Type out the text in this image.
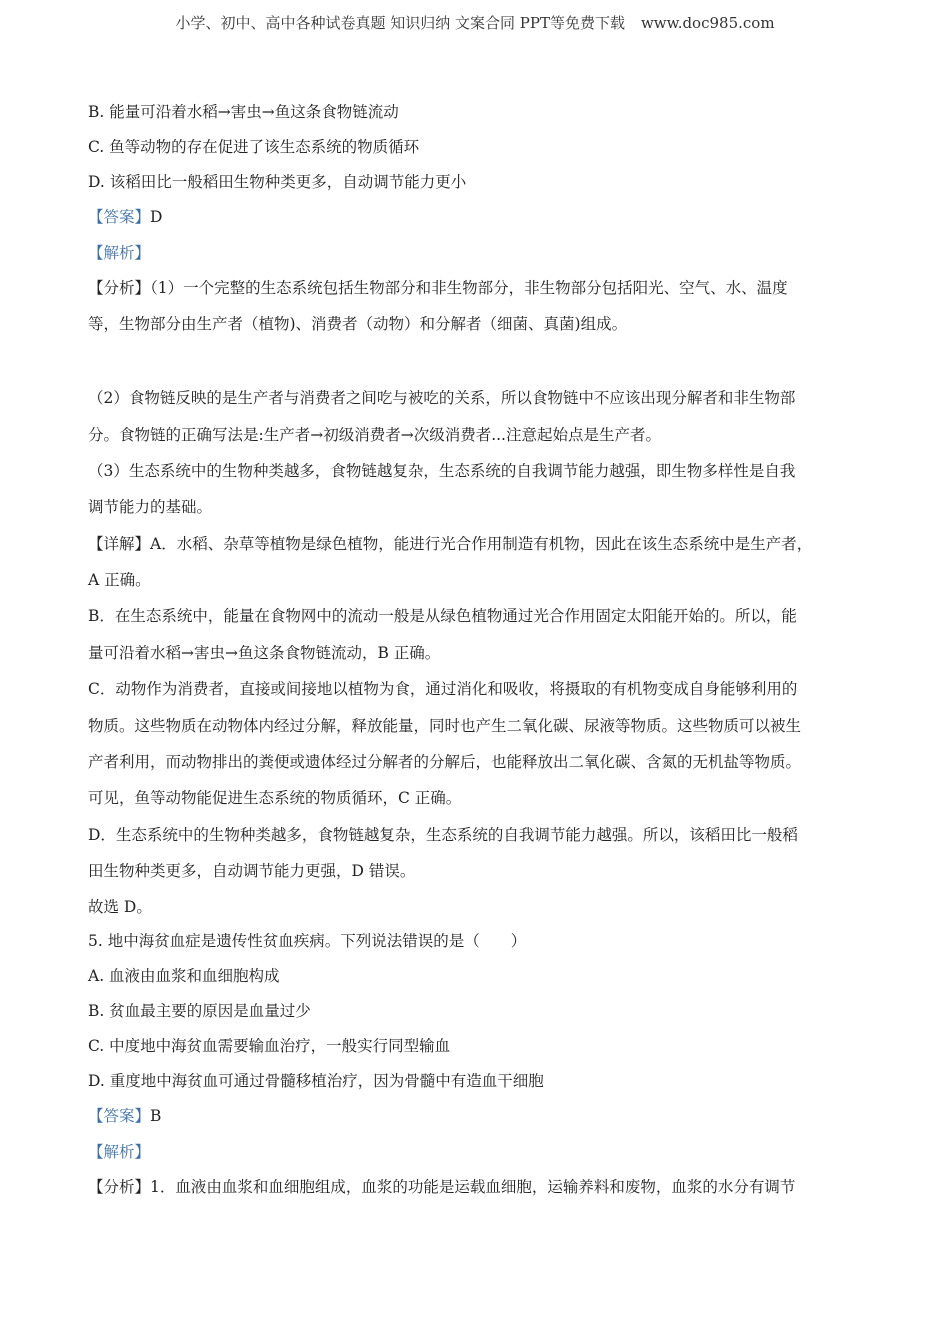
小学、初中、高中各种试卷真题 知识归纳 文案合同 PPT等免费下载 www.doc985.com
B. 能量可沿着水稻→害虫→鱼这条食物链流动
C. 鱼等动物的存在促进了该生态系统的物质循环
D. 该稻田比一般稻田生物种类更多，自动调节能力更小
【答案】D
【解析】
【分析】（1）一个完整的生态系统包括生物部分和非生物部分，非生物部分包括阳光、空气、水、温度
等，生物部分由生产者（植物)、消费者（动物）和分解者（细菌、真菌)组成。
（2）食物链反映的是生产者与消费者之间吃与被吃的关系，所以食物链中不应该出现分解者和非生物部
分。食物链的正确写法是:生产者→初级消费者→次级消费者...注意起始点是生产者。
（3）生态系统中的生物种类越多，食物链越复杂，生态系统的自我调节能力越强，即生物多样性是自我
调节能力的基础。
【详解】A．水稻、杂草等植物是绿色植物，能进行光合作用制造有机物，因此在该生态系统中是生产者，
A 正确。
B．在生态系统中，能量在食物网中的流动一般是从绿色植物通过光合作用固定太阳能开始的。所以，能
量可沿着水稻→害虫→鱼这条食物链流动，B 正确。
C．动物作为消费者，直接或间接地以植物为食，通过消化和吸收，将摄取的有机物变成自身能够利用的
物质。这些物质在动物体内经过分解，释放能量，同时也产生二氧化碳、尿液等物质。这些物质可以被生
产者利用，而动物排出的粪便或遗体经过分解者的分解后，也能释放出二氧化碳、含氮的无机盐等物质。
可见，鱼等动物能促进生态系统的物质循环，C 正确。
D．生态系统中的生物种类越多，食物链越复杂，生态系统的自我调节能力越强。所以，该稻田比一般稻
田生物种类更多，自动调节能力更强，D 错误。
故选 D。
5. 地中海贫血症是遗传性贫血疾病。下列说法错误的是（　　）
A. 血液由血浆和血细胞构成
B. 贫血最主要的原因是血量过少
C. 中度地中海贫血需要输血治疗，一般实行同型输血
D. 重度地中海贫血可通过骨髓移植治疗，因为骨髓中有造血干细胞
【答案】B
【解析】
【分析】1．血液由血浆和血细胞组成，血浆的功能是运载血细胞，运输养料和废物，血浆的水分有调节
